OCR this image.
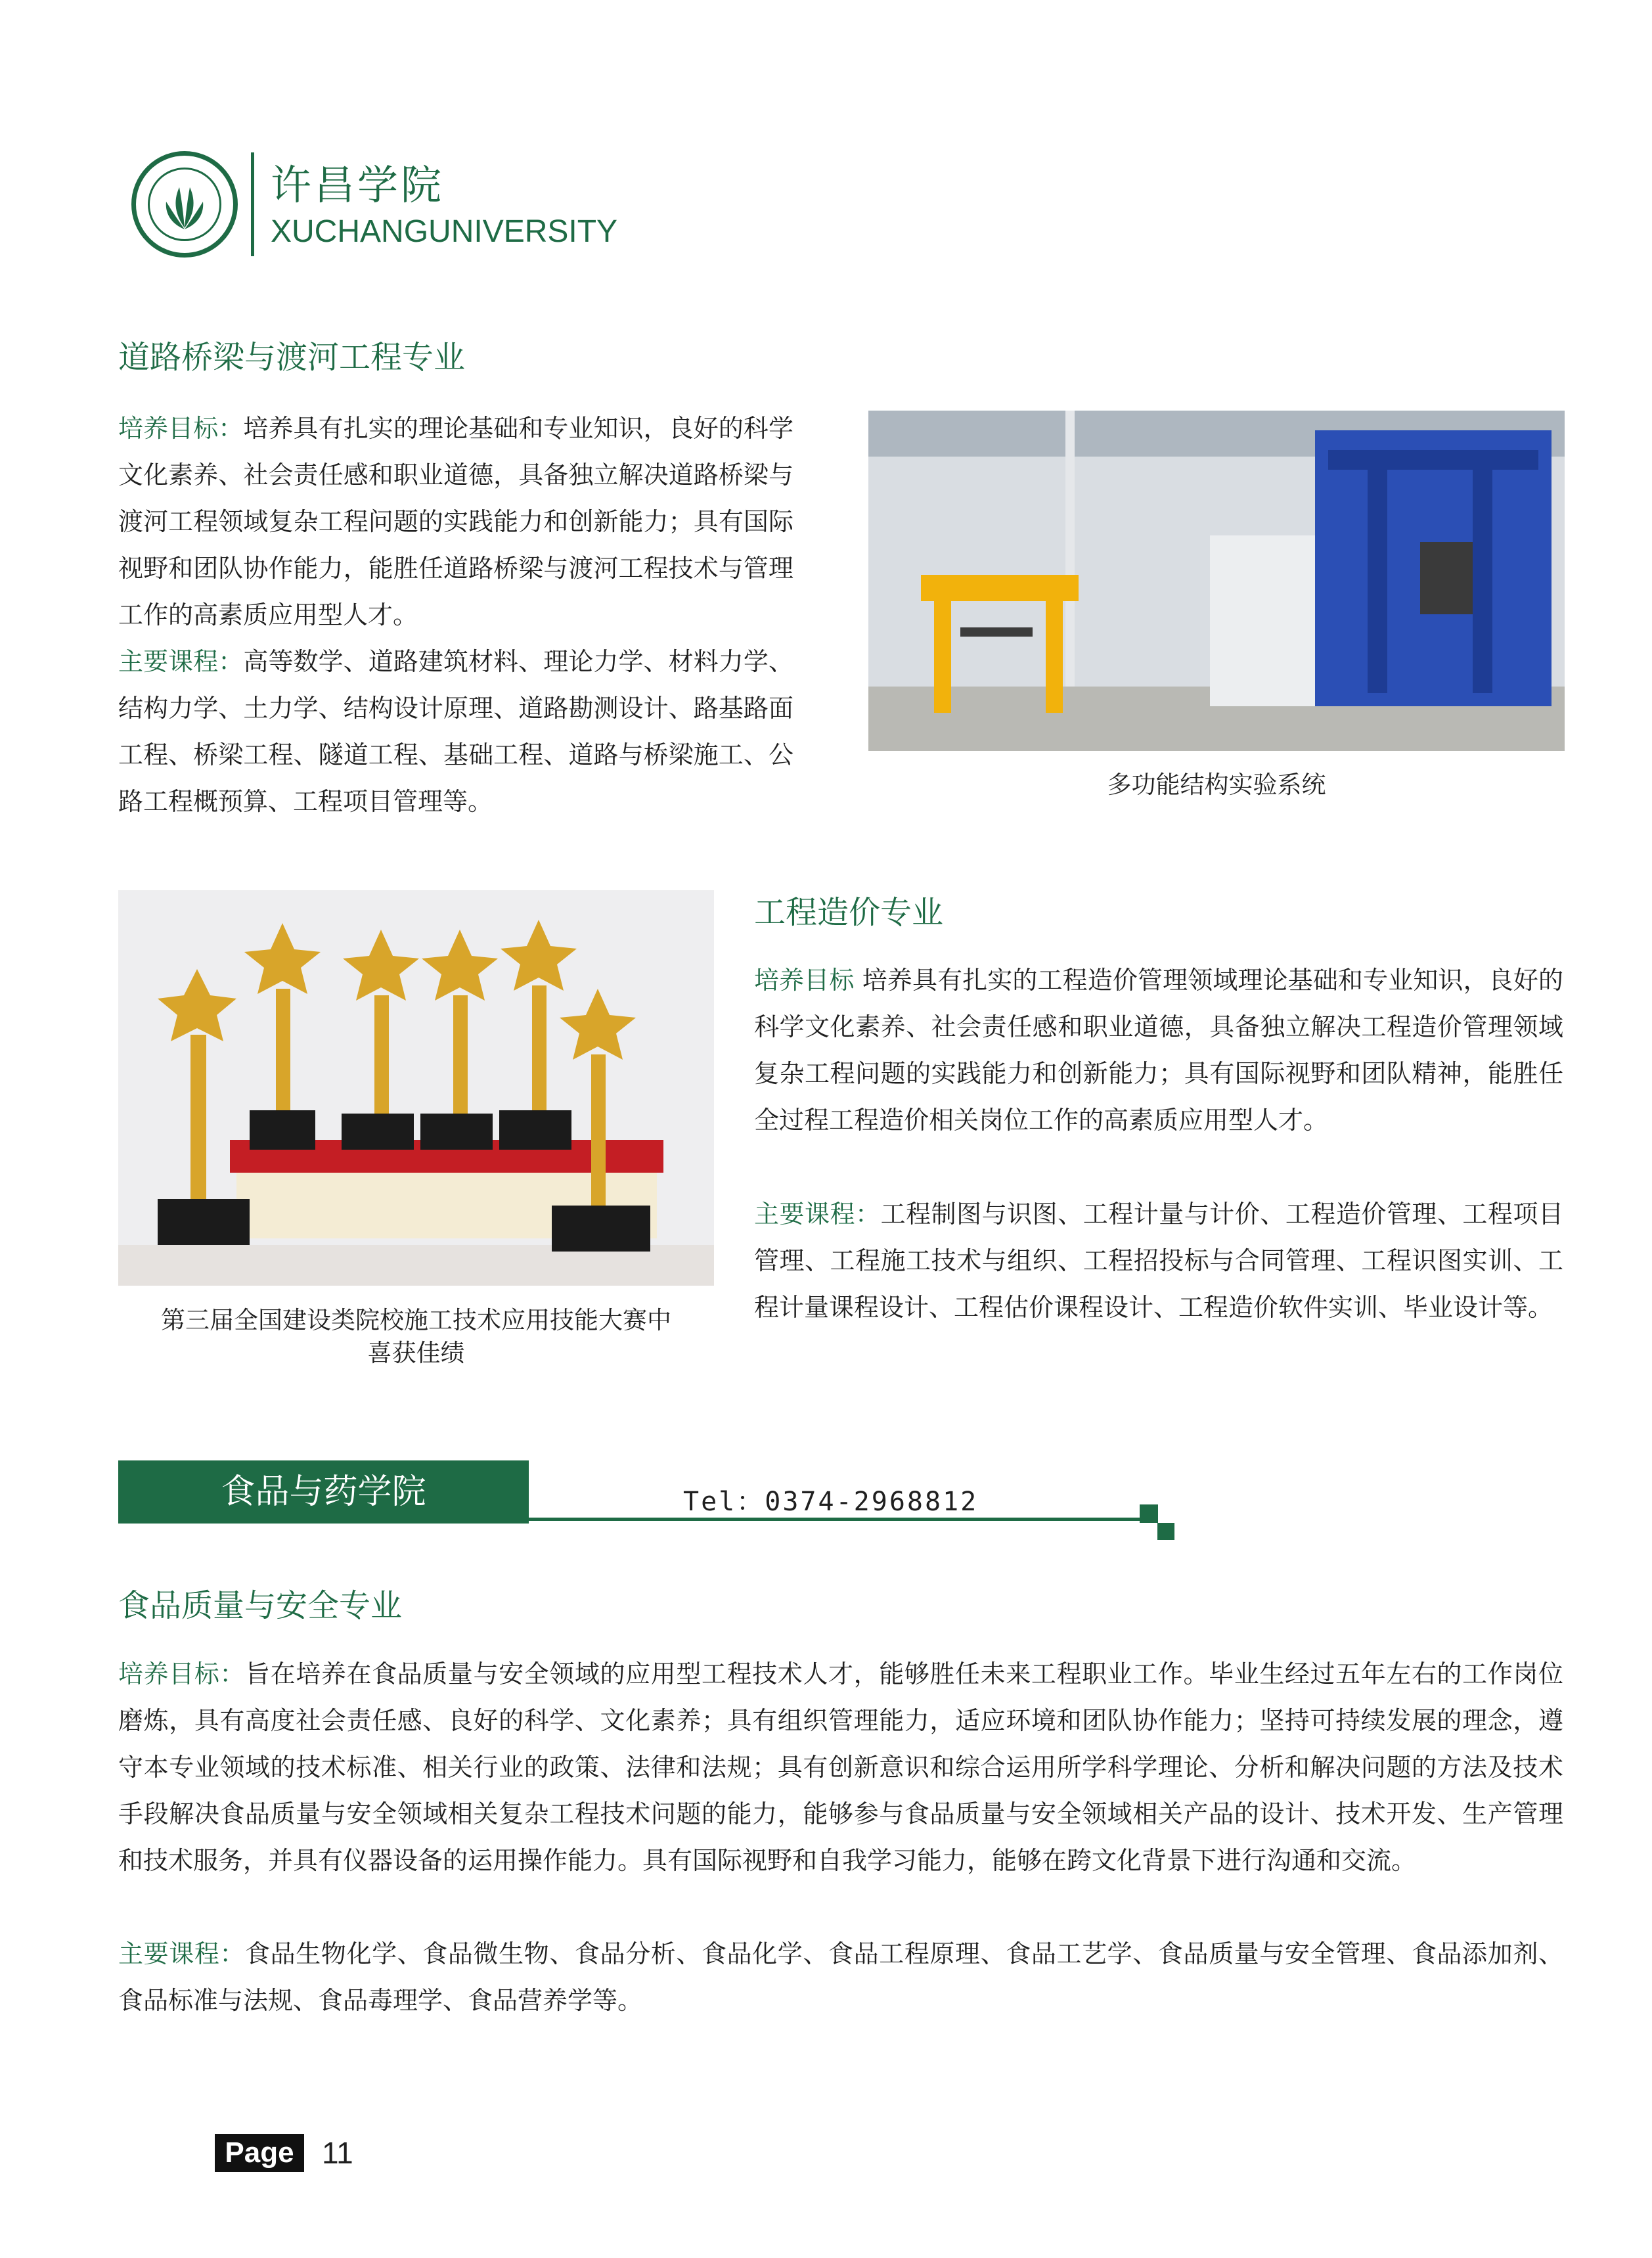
许昌学院
XUCHANGUNIVERSITY
道路桥梁与渡河工程专业

培养目标：培养具有扎实的理论基础和专业知识，良好的科学文化素养、社会责任感和职业道德，具备独立解决道路桥梁与渡河工程领域复杂工程问题的实践能力和创新能力；具有国际视野和团队协作能力，能胜任道路桥梁与渡河工程技术与管理工作的高素质应用型人才。

主要课程：高等数学、道路建筑材料、理论力学、材料力学、结构力学、土力学、结构设计原理、道路勘测设计、路基路面工程、桥梁工程、隧道工程、基础工程、道路与桥梁施工、公路工程概预算、工程项目管理等。

多功能结构实验系统
第三届全国建设类院校施工技术应用技能大赛中
喜获佳绩
工程造价专业

培养目标 培养具有扎实的工程造价管理领域理论基础和专业知识，良好的科学文化素养、社会责任感和职业道德，具备独立解决工程造价管理领域复杂工程问题的实践能力和创新能力；具有国际视野和团队精神，能胜任全过程工程造价相关岗位工作的高素质应用型人才。

主要课程：工程制图与识图、工程计量与计价、工程造价管理、工程项目管理、工程施工技术与组织、工程招投标与合同管理、工程识图实训、工程计量课程设计、工程估价课程设计、工程造价软件实训、毕业设计等。

食品与药学院	Tel：0374-2968812
食品质量与安全专业

培养目标：旨在培养在食品质量与安全领域的应用型工程技术人才，能够胜任未来工程职业工作。毕业生经过五年左右的工作岗位磨炼，具有高度社会责任感、良好的科学、文化素养；具有组织管理能力，适应环境和团队协作能力；坚持可持续发展的理念，遵守本专业领域的技术标准、相关行业的政策、法律和法规；具有创新意识和综合运用所学科学理论、分析和解决问题的方法及技术手段解决食品质量与安全领域相关复杂工程技术问题的能力，能够参与食品质量与安全领域相关产品的设计、技术开发、生产管理和技术服务，并具有仪器设备的运用操作能力。具有国际视野和自我学习能力，能够在跨文化背景下进行沟通和交流。

主要课程：食品生物化学、食品微生物、食品分析、食品化学、食品工程原理、食品工艺学、食品质量与安全管理、食品添加剂、食品标准与法规、食品毒理学、食品营养学等。

Page 11
